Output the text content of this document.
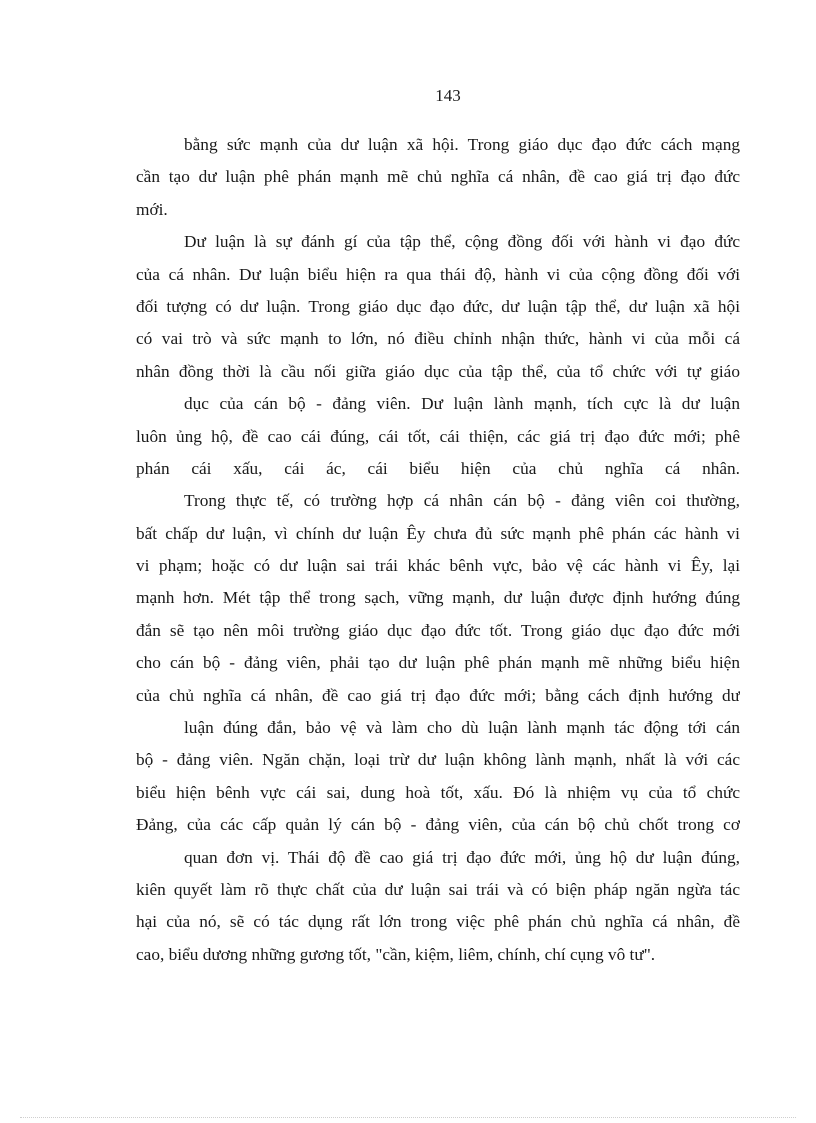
143
bằng sức mạnh của dư luận xã hội. Trong giáo dục đạo đức cách mạng
cần tạo dư luận phê phán mạnh mẽ chủ nghĩa cá nhân, đề cao giá trị đạo đức
mới.
Dư luận là sự đánh gí của tập thể, cộng đồng đối với hành vi đạo đức
của cá nhân. Dư luận biểu hiện ra qua thái độ, hành vi của cộng đồng đối với
đối tượng có dư luận. Trong giáo dục đạo đức, dư luận tập thể, dư luận xã hội
có vai trò và sức mạnh to lớn, nó điều chỉnh nhận thức, hành vi của mỗi cá
nhân đồng thời là cầu nối giữa giáo dục của tập thể, của tổ chức với tự giáo
dục của cán bộ - đảng viên. Dư luận lành mạnh, tích cực là dư luận
luôn ủng hộ, đề cao cái đúng, cái tốt, cái thiện, các giá trị đạo đức mới; phê
phán cái xấu, cái ác, cái biểu hiện của chủ nghĩa cá nhân.
Trong thực tế, có trường hợp cá nhân cán bộ - đảng viên coi thường,
bất chấp dư luận, vì chính dư luận Êy chưa đủ sức mạnh phê phán các hành vi
vi phạm; hoặc có dư luận sai trái khác bênh vực, bảo vệ các hành vi Êy, lại
mạnh hơn. Mét tập thể trong sạch, vững mạnh, dư luận được định hướng đúng
đắn sẽ tạo nên môi trường giáo dục đạo đức tốt. Trong giáo dục đạo đức mới
cho cán bộ - đảng viên, phải tạo dư luận phê phán mạnh mẽ những biểu hiện
của chủ nghĩa cá nhân, đề cao giá trị đạo đức mới; bằng cách định hướng dư
luận đúng đắn, bảo vệ và làm cho dù luận lành mạnh tác động tới cán
bộ - đảng viên. Ngăn chặn, loại trừ dư luận không lành mạnh, nhất là với các
biểu hiện bênh vực cái sai, dung hoà tốt, xấu. Đó là nhiệm vụ của tổ chức
Đảng, của các cấp quản lý cán bộ - đảng viên, của cán bộ chủ chốt trong cơ
quan đơn vị. Thái độ đề cao giá trị đạo đức mới, ủng hộ dư luận đúng,
kiên quyết làm rõ thực chất của dư luận sai trái và có biện pháp ngăn ngừa tác
hại của nó, sẽ có tác dụng rất lớn trong việc phê phán chủ nghĩa cá nhân, đề
cao, biểu dương những gương tốt, "cần, kiệm, liêm, chính, chí cụng vô tư".
